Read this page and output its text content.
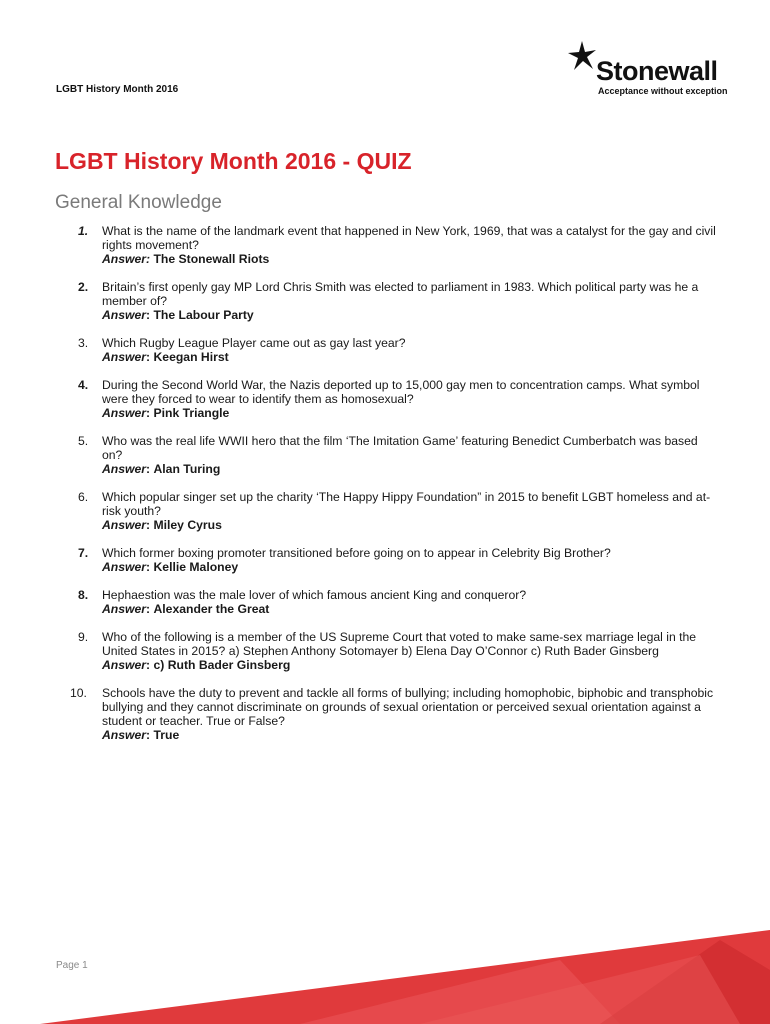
LGBT History Month 2016
Stonewall
Acceptance without exception
LGBT History Month 2016 - QUIZ
General Knowledge
1. What is the name of the landmark event that happened in New York, 1969, that was a catalyst for the gay and civil rights movement?
Answer: The Stonewall Riots
2. Britain’s first openly gay MP Lord Chris Smith was elected to parliament in 1983. Which political party was he a member of?
Answer: The Labour Party
3. Which Rugby League Player came out as gay last year?
Answer: Keegan Hirst
4. During the Second World War, the Nazis deported up to 15,000 gay men to concentration camps. What symbol were they forced to wear to identify them as homosexual?
Answer: Pink Triangle
5. Who was the real life WWII hero that the film ‘The Imitation Game’ featuring Benedict Cumberbatch was based on?
Answer: Alan Turing
6. Which popular singer set up the charity ‘The Happy Hippy Foundation” in 2015 to benefit LGBT homeless and at-risk youth?
Answer: Miley Cyrus
7. Which former boxing promoter transitioned before going on to appear in Celebrity Big Brother?
Answer: Kellie Maloney
8. Hephaestion was the male lover of which famous ancient King and conqueror?
Answer: Alexander the Great
9. Who of the following is a member of the US Supreme Court that voted to make same-sex marriage legal in the United States in 2015? a) Stephen Anthony Sotomayer b) Elena Day O’Connor c) Ruth Bader Ginsberg
Answer: c) Ruth Bader Ginsberg
10. Schools have the duty to prevent and tackle all forms of bullying; including homophobic, biphobic and transphobic bullying and they cannot discriminate on grounds of sexual orientation or perceived sexual orientation against a student or teacher. True or False?
Answer: True
Page 1
